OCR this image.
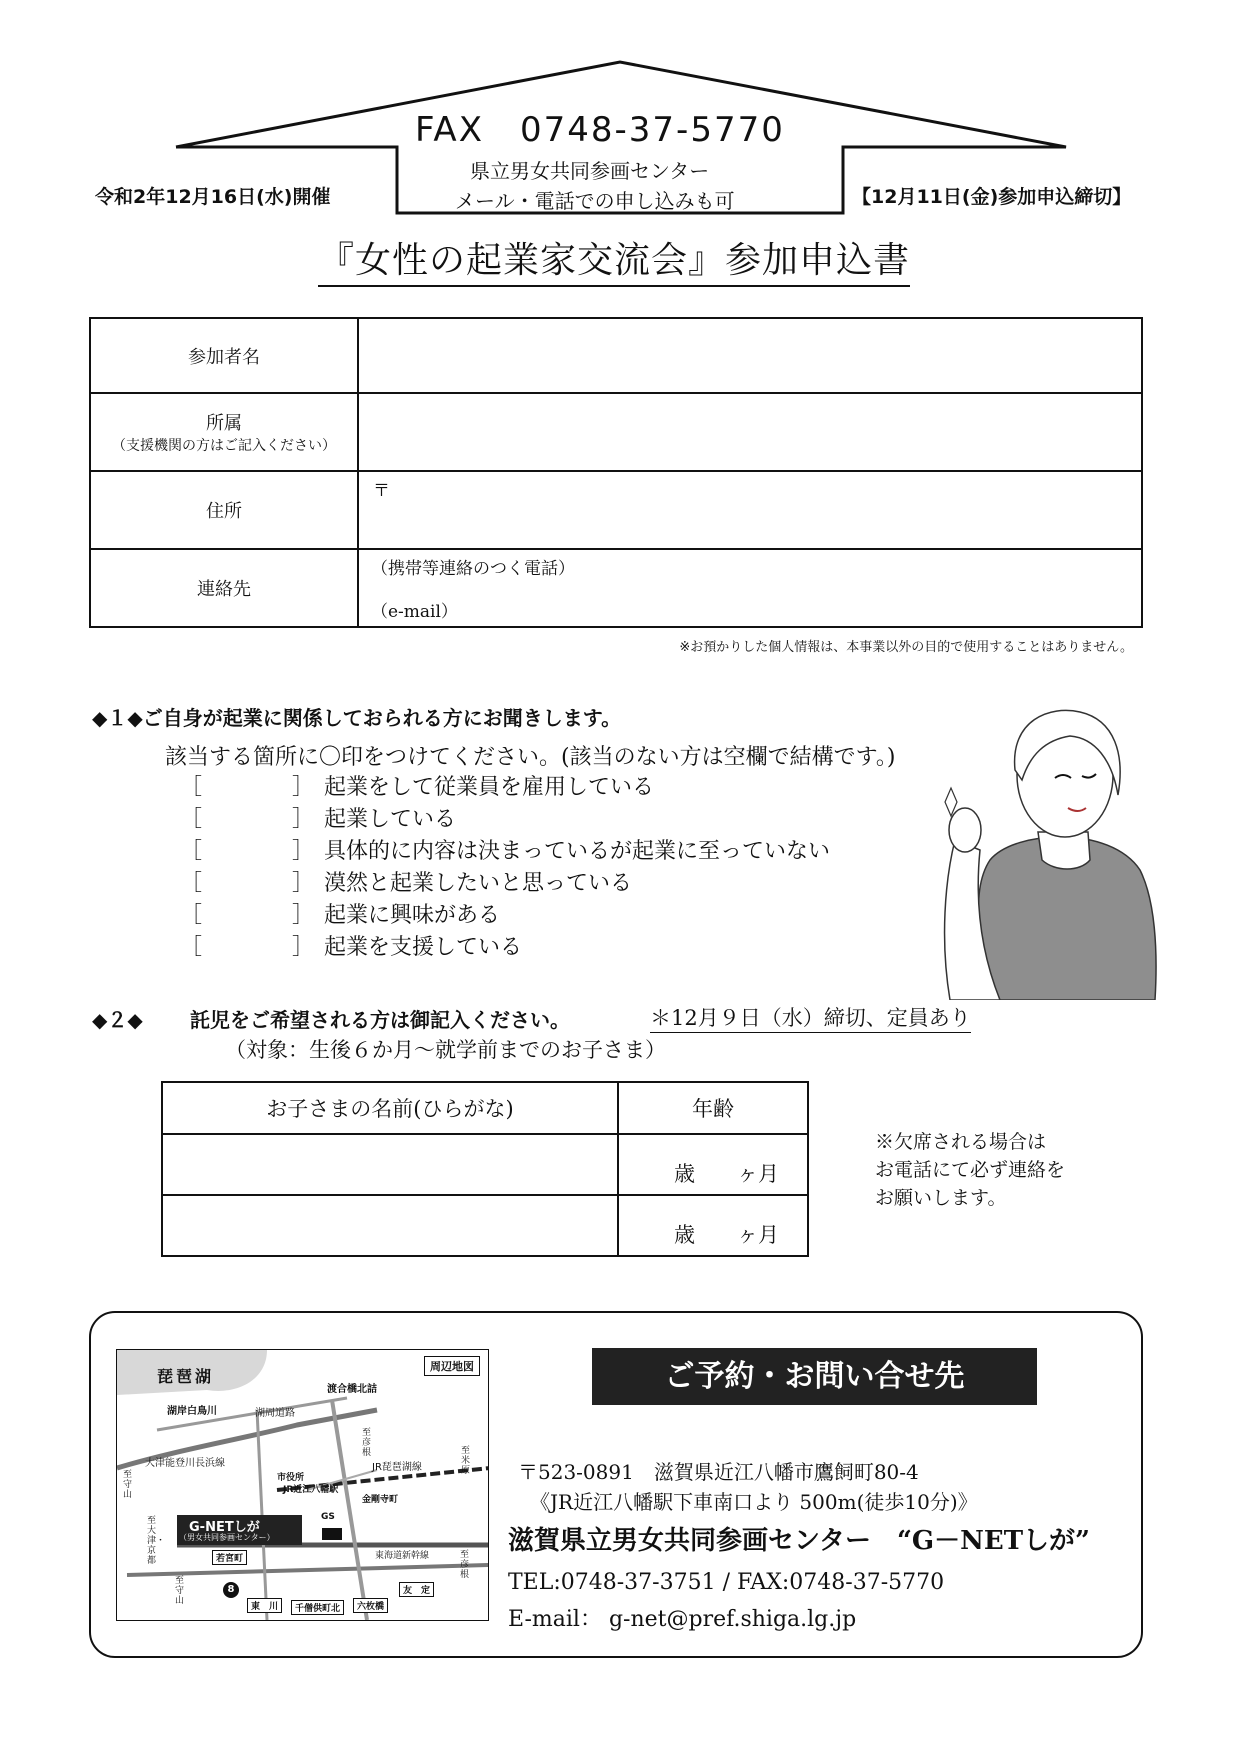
FAX　0748-37-5770
県立男女共同参画センター
メール・電話での申し込みも可
令和2年12月16日(水)開催	【12月11日(金)参加申込締切】
『女性の起業家交流会』参加申込書
参加者名	

所属
（支援機関の方はご記入ください）	

住所	〒

連絡先	（携帯等連絡のつく電話）
（e-mail）
※お預かりした個人情報は、本事業以外の目的で使用することはありません。
◆１◆ご自身が起業に関係しておられる方にお聞きします。
該当する箇所に〇印をつけてください。(該当のない方は空欄で結構です。)
［	］ 起業をして従業員を雇用している
［	］ 起業している
［	］ 具体的に内容は決まっているが起業に至っていない
［	］ 漠然と起業したいと思っている
［	］ 起業に興味がある
［	］ 起業を支援している
◆２◆ 託児をご希望される方は御記入ください。	＊12月９日（水）締切、定員あり
（対象：生後６か月～就学前までのお子さま）
お子さまの名前(ひらがな)	年齢
	歳　　ヶ月
	歳　　ヶ月
※欠席される場合は
お電話にて必ず連絡を
お願いします。
周辺地図
琵琶湖
湖岸白鳥川	湖周道路
渡合橋北詰
大津能登川長浜線	JR琵琶湖線
至彦根	至米原
至守山
市役所
JR近江八幡駅
金剛寺町
G-NETしが
（男女共同参画センター）
GS
若宮町
至大津・京都	東海道新幹線
8
東　川	千僧供町北	六枚橋
友　定
至彦根
至守山
ご予約・お問い合せ先
〒523-0891　滋賀県近江八幡市鷹飼町80-4
《JR近江八幡駅下車南口より 500m(徒歩10分)》
滋賀県立男女共同参画センター　“G－NETしが”
TEL:0748-37-3751 / FAX:0748-37-5770
E-mail： g-net@pref.shiga.lg.jp
